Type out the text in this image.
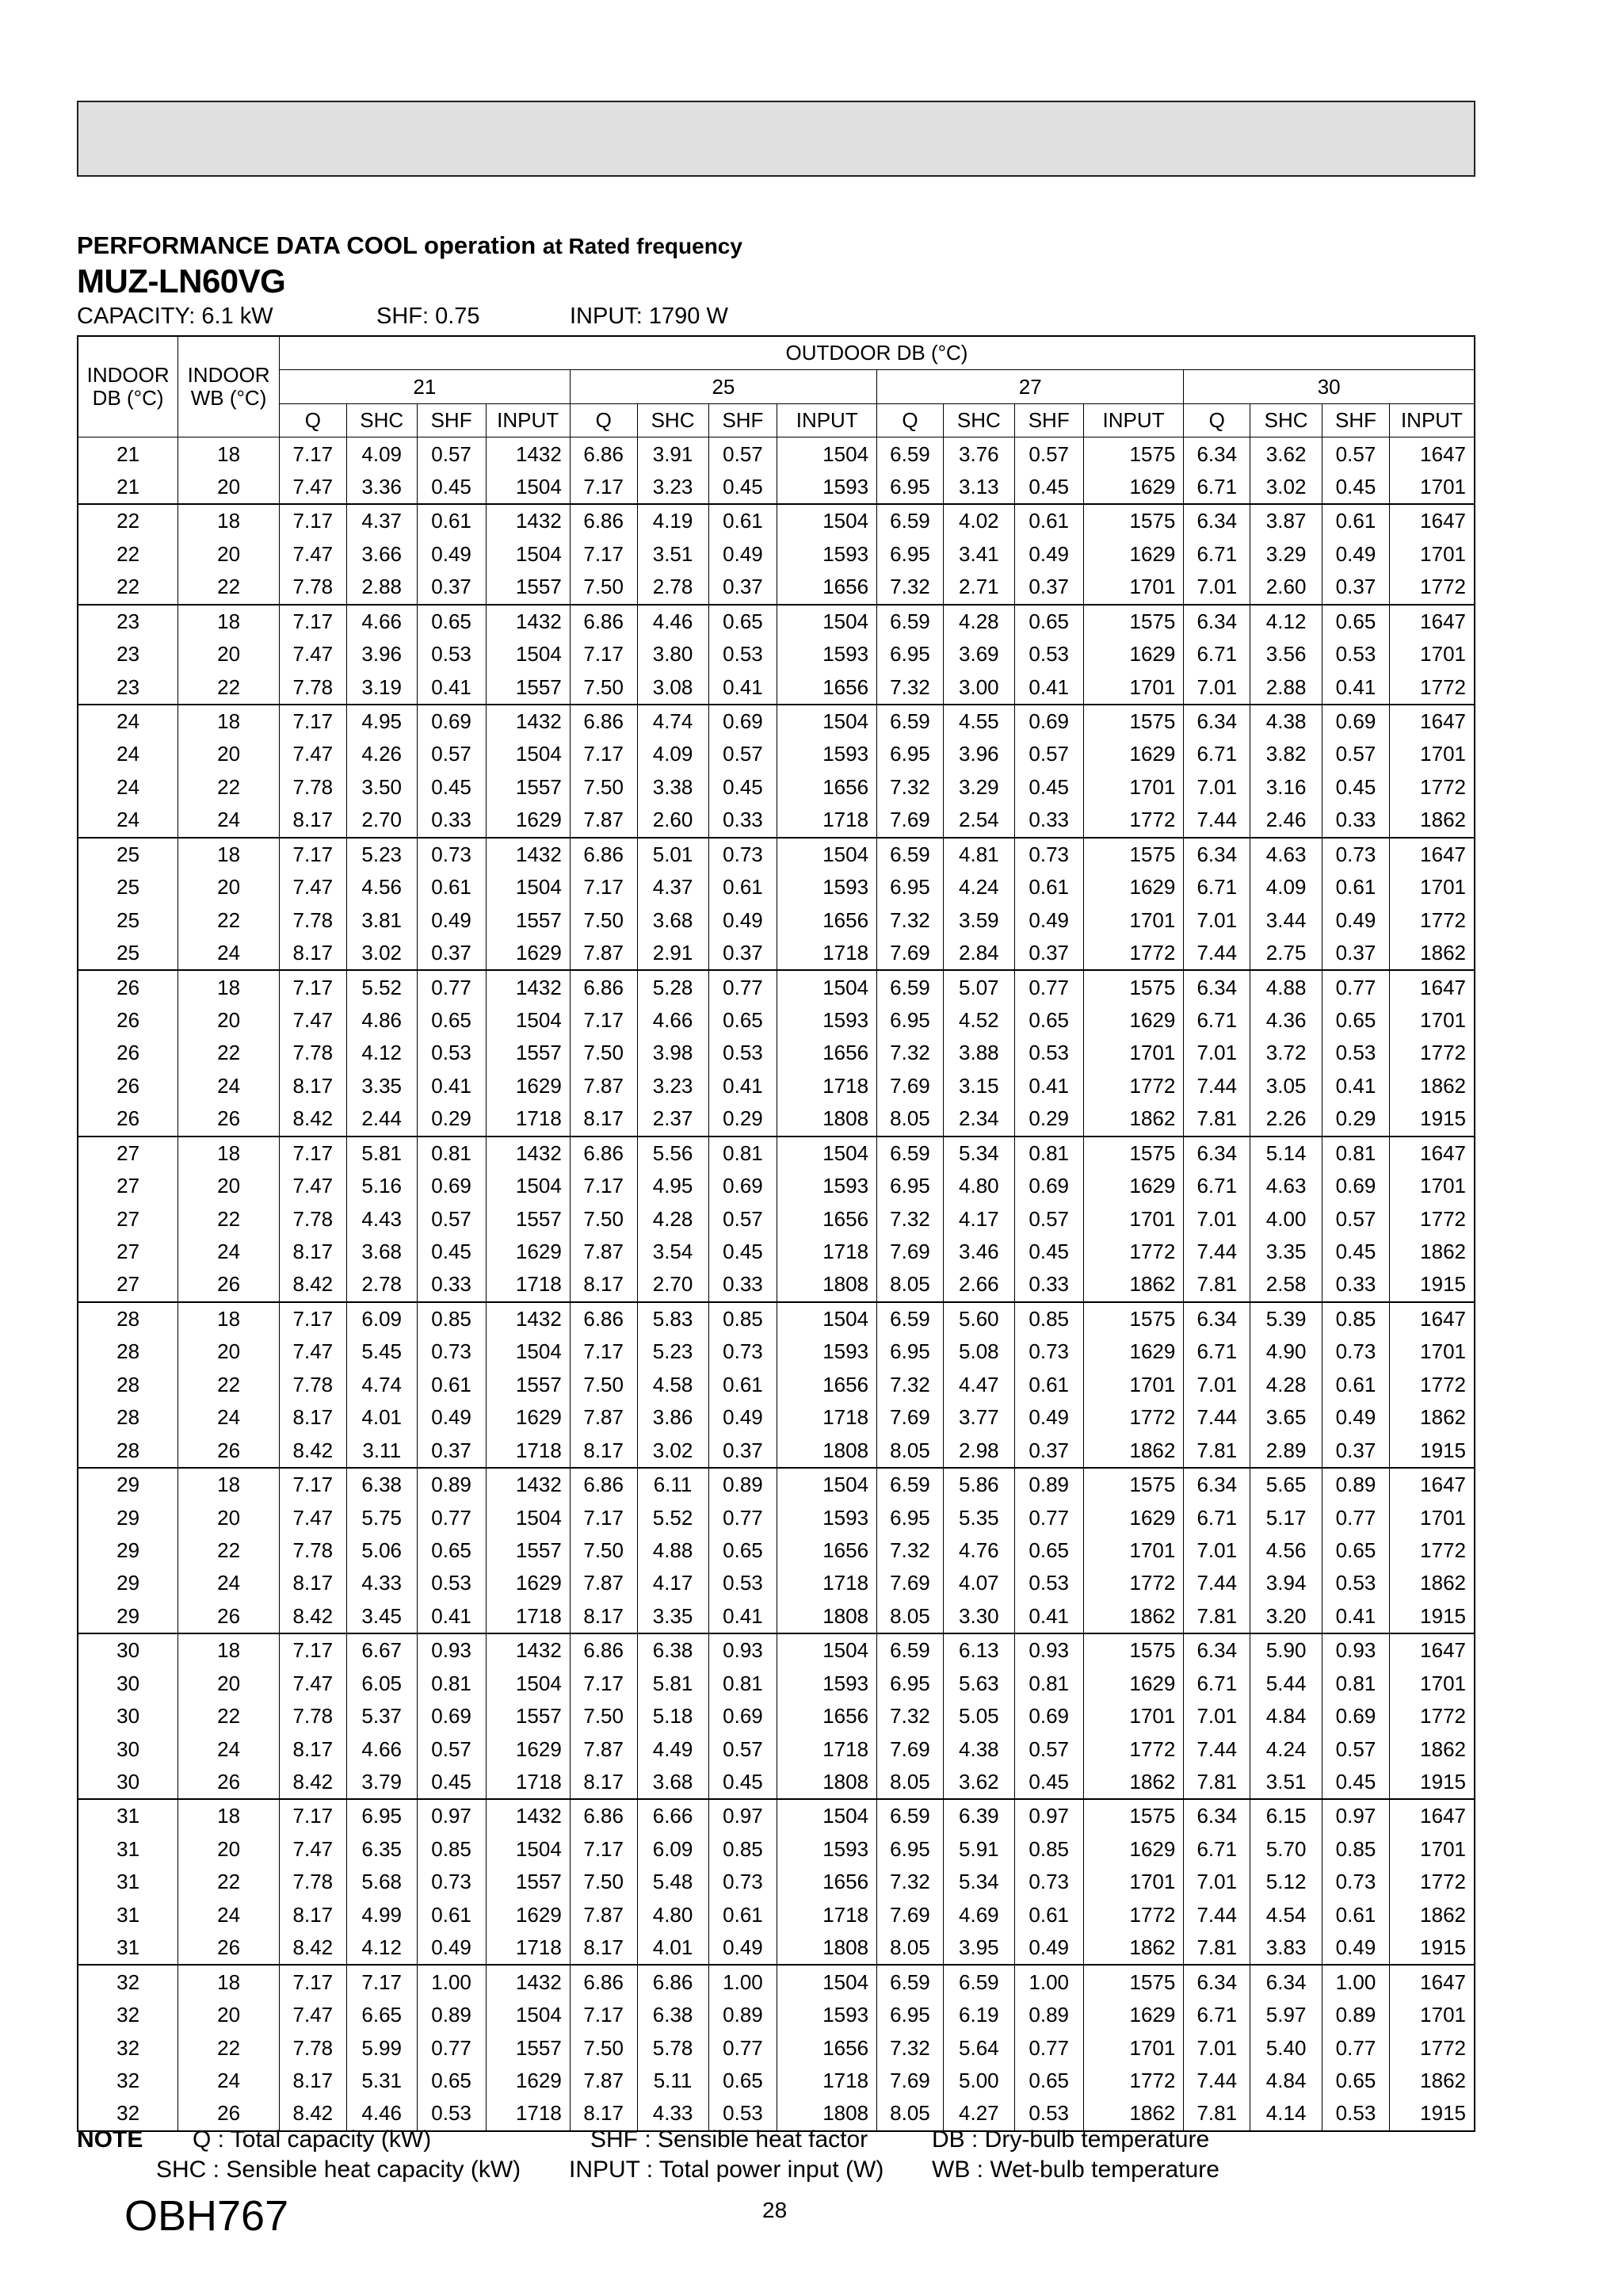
PERFORMANCE DATA COOL operation at Rated frequency
MUZ-LN60VG
CAPACITY: 6.1 kW	SHF: 0.75	INPUT: 1790 W
INDOOR
DB (°C)	INDOOR
WB (°C)	OUTDOOR DB (°C)															
		21				25				27				30			
		Q	SHC	SHF	INPUT	Q	SHC	SHF	INPUT	Q	SHC	SHF	INPUT	Q	SHC	SHF	INPUT
21	18	7.17	4.09	0.57	1432	6.86	3.91	0.57	1504	6.59	3.76	0.57	1575	6.34	3.62	0.57	1647
21	20	7.47	3.36	0.45	1504	7.17	3.23	0.45	1593	6.95	3.13	0.45	1629	6.71	3.02	0.45	1701
22	18	7.17	4.37	0.61	1432	6.86	4.19	0.61	1504	6.59	4.02	0.61	1575	6.34	3.87	0.61	1647
22	20	7.47	3.66	0.49	1504	7.17	3.51	0.49	1593	6.95	3.41	0.49	1629	6.71	3.29	0.49	1701
22	22	7.78	2.88	0.37	1557	7.50	2.78	0.37	1656	7.32	2.71	0.37	1701	7.01	2.60	0.37	1772
23	18	7.17	4.66	0.65	1432	6.86	4.46	0.65	1504	6.59	4.28	0.65	1575	6.34	4.12	0.65	1647
23	20	7.47	3.96	0.53	1504	7.17	3.80	0.53	1593	6.95	3.69	0.53	1629	6.71	3.56	0.53	1701
23	22	7.78	3.19	0.41	1557	7.50	3.08	0.41	1656	7.32	3.00	0.41	1701	7.01	2.88	0.41	1772
24	18	7.17	4.95	0.69	1432	6.86	4.74	0.69	1504	6.59	4.55	0.69	1575	6.34	4.38	0.69	1647
24	20	7.47	4.26	0.57	1504	7.17	4.09	0.57	1593	6.95	3.96	0.57	1629	6.71	3.82	0.57	1701
24	22	7.78	3.50	0.45	1557	7.50	3.38	0.45	1656	7.32	3.29	0.45	1701	7.01	3.16	0.45	1772
24	24	8.17	2.70	0.33	1629	7.87	2.60	0.33	1718	7.69	2.54	0.33	1772	7.44	2.46	0.33	1862
25	18	7.17	5.23	0.73	1432	6.86	5.01	0.73	1504	6.59	4.81	0.73	1575	6.34	4.63	0.73	1647
25	20	7.47	4.56	0.61	1504	7.17	4.37	0.61	1593	6.95	4.24	0.61	1629	6.71	4.09	0.61	1701
25	22	7.78	3.81	0.49	1557	7.50	3.68	0.49	1656	7.32	3.59	0.49	1701	7.01	3.44	0.49	1772
25	24	8.17	3.02	0.37	1629	7.87	2.91	0.37	1718	7.69	2.84	0.37	1772	7.44	2.75	0.37	1862
26	18	7.17	5.52	0.77	1432	6.86	5.28	0.77	1504	6.59	5.07	0.77	1575	6.34	4.88	0.77	1647
26	20	7.47	4.86	0.65	1504	7.17	4.66	0.65	1593	6.95	4.52	0.65	1629	6.71	4.36	0.65	1701
26	22	7.78	4.12	0.53	1557	7.50	3.98	0.53	1656	7.32	3.88	0.53	1701	7.01	3.72	0.53	1772
26	24	8.17	3.35	0.41	1629	7.87	3.23	0.41	1718	7.69	3.15	0.41	1772	7.44	3.05	0.41	1862
26	26	8.42	2.44	0.29	1718	8.17	2.37	0.29	1808	8.05	2.34	0.29	1862	7.81	2.26	0.29	1915
27	18	7.17	5.81	0.81	1432	6.86	5.56	0.81	1504	6.59	5.34	0.81	1575	6.34	5.14	0.81	1647
27	20	7.47	5.16	0.69	1504	7.17	4.95	0.69	1593	6.95	4.80	0.69	1629	6.71	4.63	0.69	1701
27	22	7.78	4.43	0.57	1557	7.50	4.28	0.57	1656	7.32	4.17	0.57	1701	7.01	4.00	0.57	1772
27	24	8.17	3.68	0.45	1629	7.87	3.54	0.45	1718	7.69	3.46	0.45	1772	7.44	3.35	0.45	1862
27	26	8.42	2.78	0.33	1718	8.17	2.70	0.33	1808	8.05	2.66	0.33	1862	7.81	2.58	0.33	1915
28	18	7.17	6.09	0.85	1432	6.86	5.83	0.85	1504	6.59	5.60	0.85	1575	6.34	5.39	0.85	1647
28	20	7.47	5.45	0.73	1504	7.17	5.23	0.73	1593	6.95	5.08	0.73	1629	6.71	4.90	0.73	1701
28	22	7.78	4.74	0.61	1557	7.50	4.58	0.61	1656	7.32	4.47	0.61	1701	7.01	4.28	0.61	1772
28	24	8.17	4.01	0.49	1629	7.87	3.86	0.49	1718	7.69	3.77	0.49	1772	7.44	3.65	0.49	1862
28	26	8.42	3.11	0.37	1718	8.17	3.02	0.37	1808	8.05	2.98	0.37	1862	7.81	2.89	0.37	1915
29	18	7.17	6.38	0.89	1432	6.86	6.11	0.89	1504	6.59	5.86	0.89	1575	6.34	5.65	0.89	1647
29	20	7.47	5.75	0.77	1504	7.17	5.52	0.77	1593	6.95	5.35	0.77	1629	6.71	5.17	0.77	1701
29	22	7.78	5.06	0.65	1557	7.50	4.88	0.65	1656	7.32	4.76	0.65	1701	7.01	4.56	0.65	1772
29	24	8.17	4.33	0.53	1629	7.87	4.17	0.53	1718	7.69	4.07	0.53	1772	7.44	3.94	0.53	1862
29	26	8.42	3.45	0.41	1718	8.17	3.35	0.41	1808	8.05	3.30	0.41	1862	7.81	3.20	0.41	1915
30	18	7.17	6.67	0.93	1432	6.86	6.38	0.93	1504	6.59	6.13	0.93	1575	6.34	5.90	0.93	1647
30	20	7.47	6.05	0.81	1504	7.17	5.81	0.81	1593	6.95	5.63	0.81	1629	6.71	5.44	0.81	1701
30	22	7.78	5.37	0.69	1557	7.50	5.18	0.69	1656	7.32	5.05	0.69	1701	7.01	4.84	0.69	1772
30	24	8.17	4.66	0.57	1629	7.87	4.49	0.57	1718	7.69	4.38	0.57	1772	7.44	4.24	0.57	1862
30	26	8.42	3.79	0.45	1718	8.17	3.68	0.45	1808	8.05	3.62	0.45	1862	7.81	3.51	0.45	1915
31	18	7.17	6.95	0.97	1432	6.86	6.66	0.97	1504	6.59	6.39	0.97	1575	6.34	6.15	0.97	1647
31	20	7.47	6.35	0.85	1504	7.17	6.09	0.85	1593	6.95	5.91	0.85	1629	6.71	5.70	0.85	1701
31	22	7.78	5.68	0.73	1557	7.50	5.48	0.73	1656	7.32	5.34	0.73	1701	7.01	5.12	0.73	1772
31	24	8.17	4.99	0.61	1629	7.87	4.80	0.61	1718	7.69	4.69	0.61	1772	7.44	4.54	0.61	1862
31	26	8.42	4.12	0.49	1718	8.17	4.01	0.49	1808	8.05	3.95	0.49	1862	7.81	3.83	0.49	1915
32	18	7.17	7.17	1.00	1432	6.86	6.86	1.00	1504	6.59	6.59	1.00	1575	6.34	6.34	1.00	1647
32	20	7.47	6.65	0.89	1504	7.17	6.38	0.89	1593	6.95	6.19	0.89	1629	6.71	5.97	0.89	1701
32	22	7.78	5.99	0.77	1557	7.50	5.78	0.77	1656	7.32	5.64	0.77	1701	7.01	5.40	0.77	1772
32	24	8.17	5.31	0.65	1629	7.87	5.11	0.65	1718	7.69	5.00	0.65	1772	7.44	4.84	0.65	1862
32	26	8.42	4.46	0.53	1718	8.17	4.33	0.53	1808	8.05	4.27	0.53	1862	7.81	4.14	0.53	1915
NOTE Q : Total capacity (kW)
SHC : Sensible heat capacity (kW)
SHF : Sensible heat factor
INPUT : Total power input (W)
DB : Dry-bulb temperature
WB : Wet-bulb temperature
OBH767	28
